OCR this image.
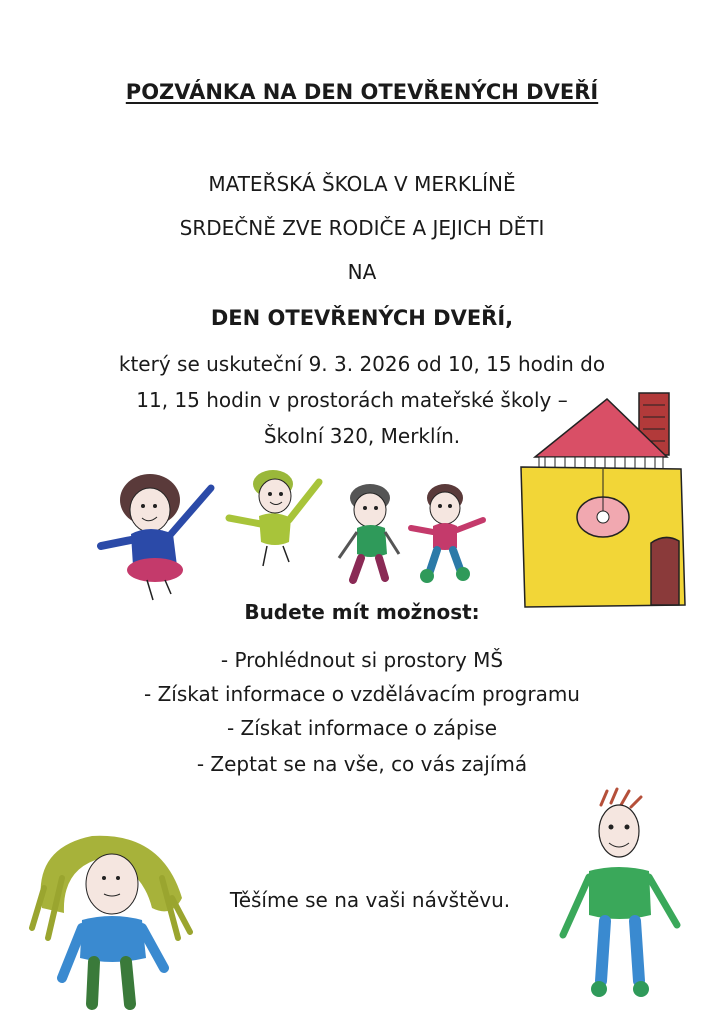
POZVÁNKA NA DEN OTEVŘENÝCH DVEŘÍ
MATEŘSKÁ ŠKOLA V MERKLÍNĚ
SRDEČNĚ ZVE RODIČE A JEJICH DĚTI
NA
DEN OTEVŘENÝCH DVEŘÍ,
který se uskuteční 9. 3. 2026 od 10, 15 hodin do
11, 15 hodin v prostorách mateřské školy –
Školní 320, Merklín.
Budete mít možnost:
- Prohlédnout si prostory MŠ
- Získat informace o vzdělávacím programu
- Získat informace o zápise
- Zeptat se na vše, co vás zajímá
Těšíme se na vaši návštěvu.
